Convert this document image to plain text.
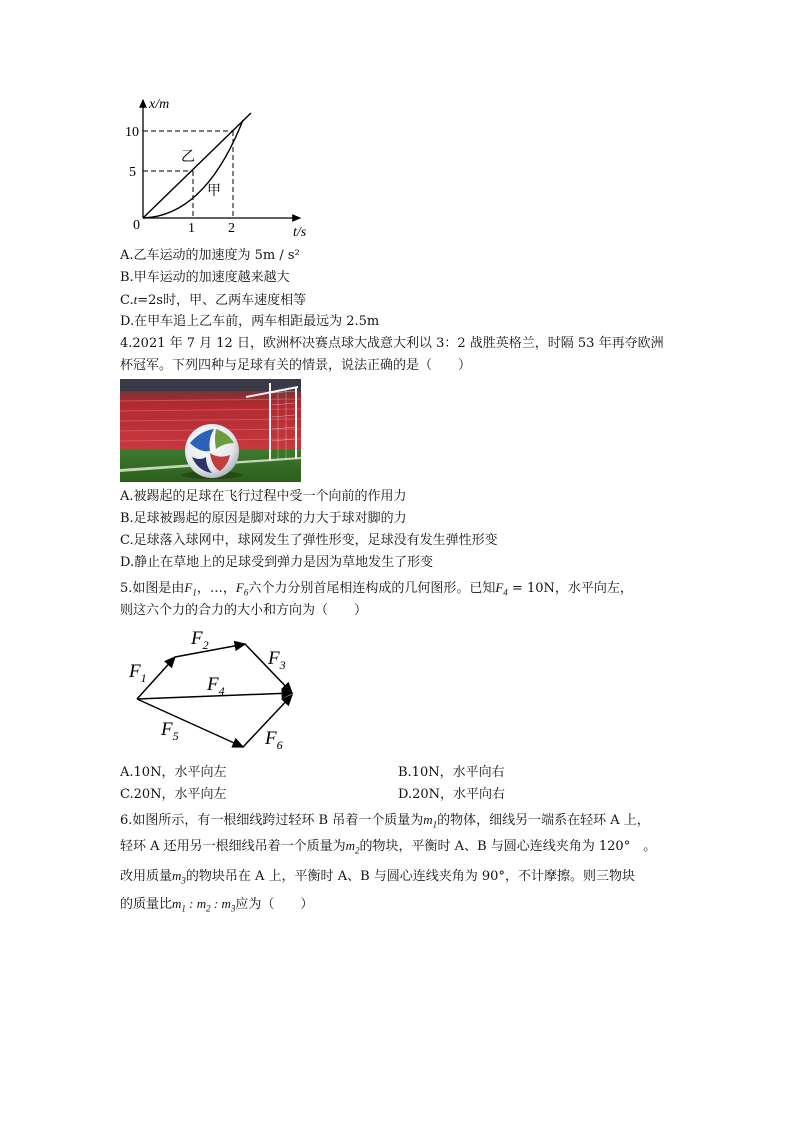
x/m
t/s
0
10
5
1 2
乙
甲
A.乙车运动的加速度为 5m / s²
B.甲车运动的加速度越来越大
C.t=2s时，甲、乙两车速度相等
D.在甲车追上乙车前，两车相距最远为 2.5m
4.2021 年 7 月 12 日，欧洲杯决赛点球大战意大利以 3：2 战胜英格兰，时隔 53 年再夺欧洲
杯冠军。下列四种与足球有关的情景，说法正确的是（　　）
A.被踢起的足球在飞行过程中受一个向前的作用力
B.足球被踢起的原因是脚对球的力大于球对脚的力
C.足球落入球网中，球网发生了弹性形变，足球没有发生弹性形变
D.静止在草地上的足球受到弹力是因为草地发生了形变
5.如图是由$F_1$，…，$F_6$六个力分别首尾相连构成的几何图形。已知$F_4 = 10N$，水平向左，
则这六个力的合力的大小和方向为（　　）
$F_1$
$F_2$
$F_3$
$F_4$
$F_5$	$F_6$
A.10N，水平向左	B.10N，水平向右
C.20N，水平向左	D.20N，水平向右
6.如图所示，有一根细线跨过轻环 B 吊着一个质量为$m_1$的物体，细线另一端系在轻环 A 上，
轻环 A 还用另一根细线吊着一个质量为$m_2$的物块，平衡时 A、B 与圆心连线夹角为 120°　。
改用质量$m_3$的物块吊在 A 上，平衡时 A、B 与圆心连线夹角为 90°，不计摩擦。则三物块
的质量比$m_1$ : $m_2$ : $m_3$应为（　　）
